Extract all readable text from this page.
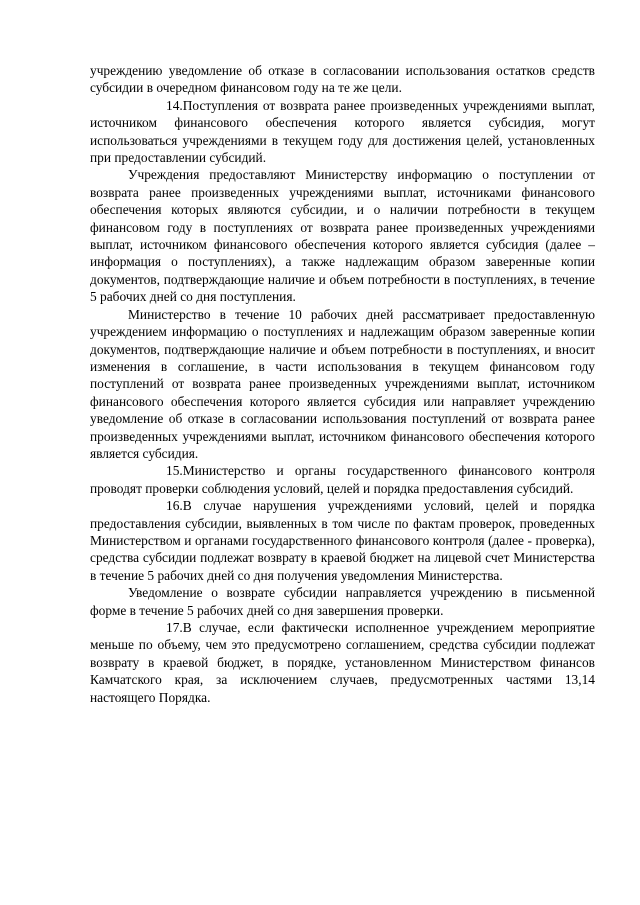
учреждению уведомление об отказе в согласовании использования остатков средств субсидии в очередном финансовом году на те же цели.

14.Поступления от возврата ранее произведенных учреждениями выплат, источником финансового обеспечения которого является субсидия, могут использоваться учреждениями в текущем году для достижения целей, установленных при предоставлении субсидий.

Учреждения предоставляют Министерству информацию о поступлении от возврата ранее произведенных учреждениями выплат, источниками финансового обеспечения которых являются субсидии, и о наличии потребности в текущем финансовом году в поступлениях от возврата ранее произведенных учреждениями выплат, источником финансового обеспечения которого является субсидия (далее – информация о поступлениях), а также надлежащим образом заверенные копии документов, подтверждающие наличие и объем потребности в поступлениях, в течение 5 рабочих дней со дня поступления.

Министерство в течение 10 рабочих дней рассматривает предоставленную учреждением информацию о поступлениях и надлежащим образом заверенные копии документов, подтверждающие наличие и объем потребности в поступлениях, и вносит изменения в соглашение, в части использования в текущем финансовом году поступлений от возврата ранее произведенных учреждениями выплат, источником финансового обеспечения которого является субсидия или направляет учреждению уведомление об отказе в согласовании использования поступлений от возврата ранее произведенных учреждениями выплат, источником финансового обеспечения которого является субсидия.

15.Министерство и органы государственного финансового контроля проводят проверки соблюдения условий, целей и порядка предоставления субсидий.

16.В случае нарушения учреждениями условий, целей и порядка предоставления субсидии, выявленных в том числе по фактам проверок, проведенных Министерством и органами государственного финансового контроля (далее - проверка), средства субсидии подлежат возврату в краевой бюджет на лицевой счет Министерства в течение 5 рабочих дней со дня получения уведомления Министерства.

Уведомление о возврате субсидии направляется учреждению в письменной форме в течение 5 рабочих дней со дня завершения проверки.

17.В случае, если фактически исполненное учреждением мероприятие меньше по объему, чем это предусмотрено соглашением, средства субсидии подлежат возврату в краевой бюджет, в порядке, установленном Министерством финансов Камчатского края, за исключением случаев, предусмотренных частями 13,14 настоящего Порядка.
